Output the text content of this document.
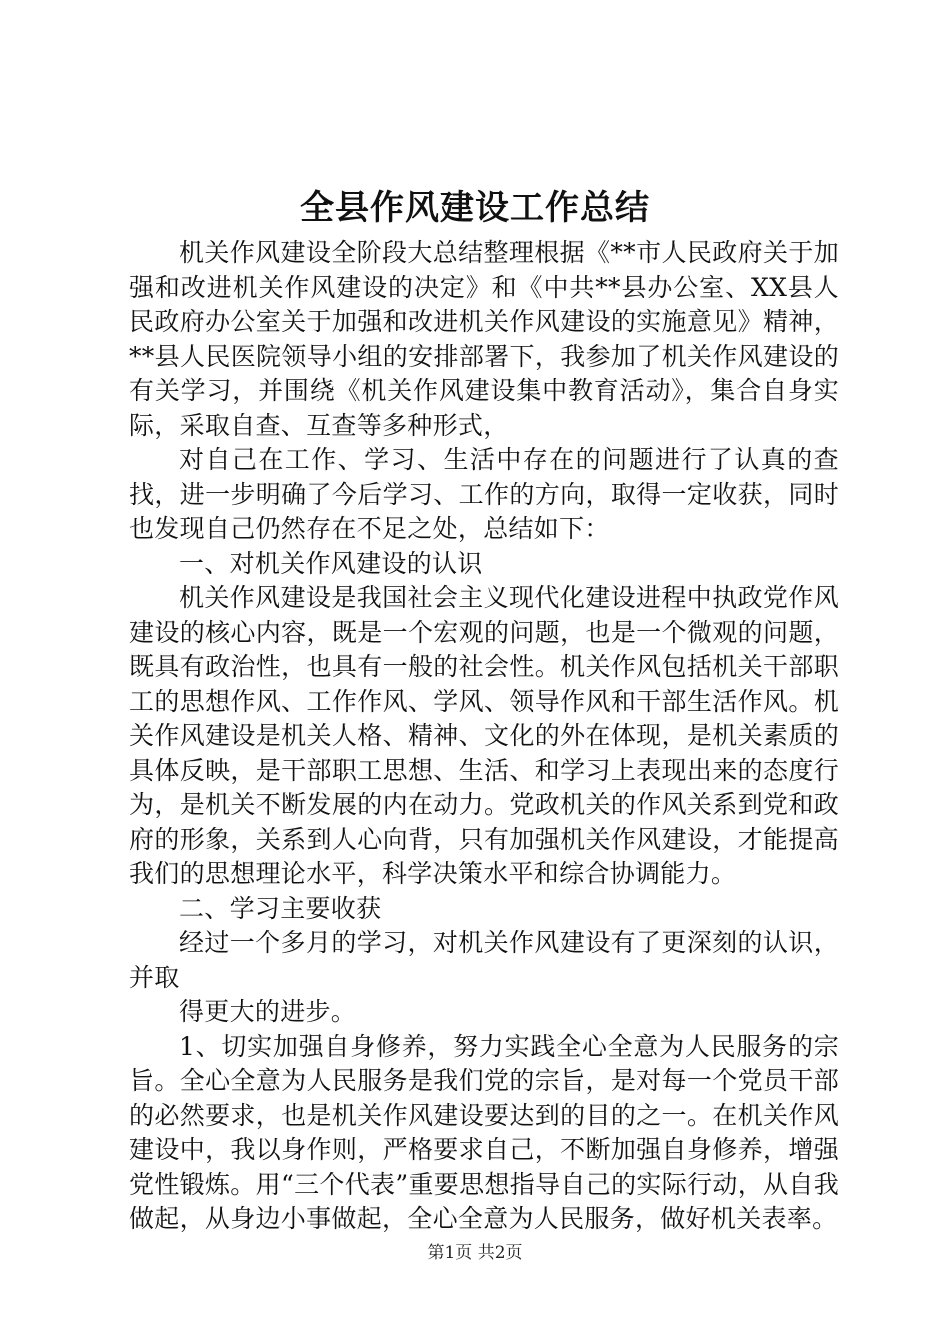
全县作风建设工作总结

机关作风建设全阶段大总结整理根据《**市人民政府关于加强和改进机关作风建设的决定》和《中共**县办公室、XX县人民政府办公室关于加强和改进机关作风建设的实施意见》精神，**县人民医院领导小组的安排部署下，我参加了机关作风建设的有关学习，并围绕《机关作风建设集中教育活动》，集合自身实际，采取自查、互查等多种形式，

对自己在工作、学习、生活中存在的问题进行了认真的查找，进一步明确了今后学习、工作的方向，取得一定收获，同时也发现自己仍然存在不足之处，总结如下：

一、对机关作风建设的认识

机关作风建设是我国社会主义现代化建设进程中执政党作风建设的核心内容，既是一个宏观的问题，也是一个微观的问题，既具有政治性，也具有一般的社会性。机关作风包括机关干部职工的思想作风、工作作风、学风、领导作风和干部生活作风。机关作风建设是机关人格、精神、文化的外在体现，是机关素质的具体反映，是干部职工思想、生活、和学习上表现出来的态度行为，是机关不断发展的内在动力。党政机关的作风关系到党和政府的形象，关系到人心向背，只有加强机关作风建设，才能提高我们的思想理论水平，科学决策水平和综合协调能力。

二、学习主要收获

经过一个多月的学习，对机关作风建设有了更深刻的认识，并取

得更大的进步。

1、切实加强自身修养，努力实践全心全意为人民服务的宗旨。全心全意为人民服务是我们党的宗旨，是对每一个党员干部的必然要求，也是机关作风建设要达到的目的之一。在机关作风建设中，我以身作则，严格要求自己，不断加强自身修养，增强党性锻炼。用“三个代表”重要思想指导自己的实际行动，从自我做起，从身边小事做起，全心全意为人民服务，做好机关表率。

第1页 共2页
